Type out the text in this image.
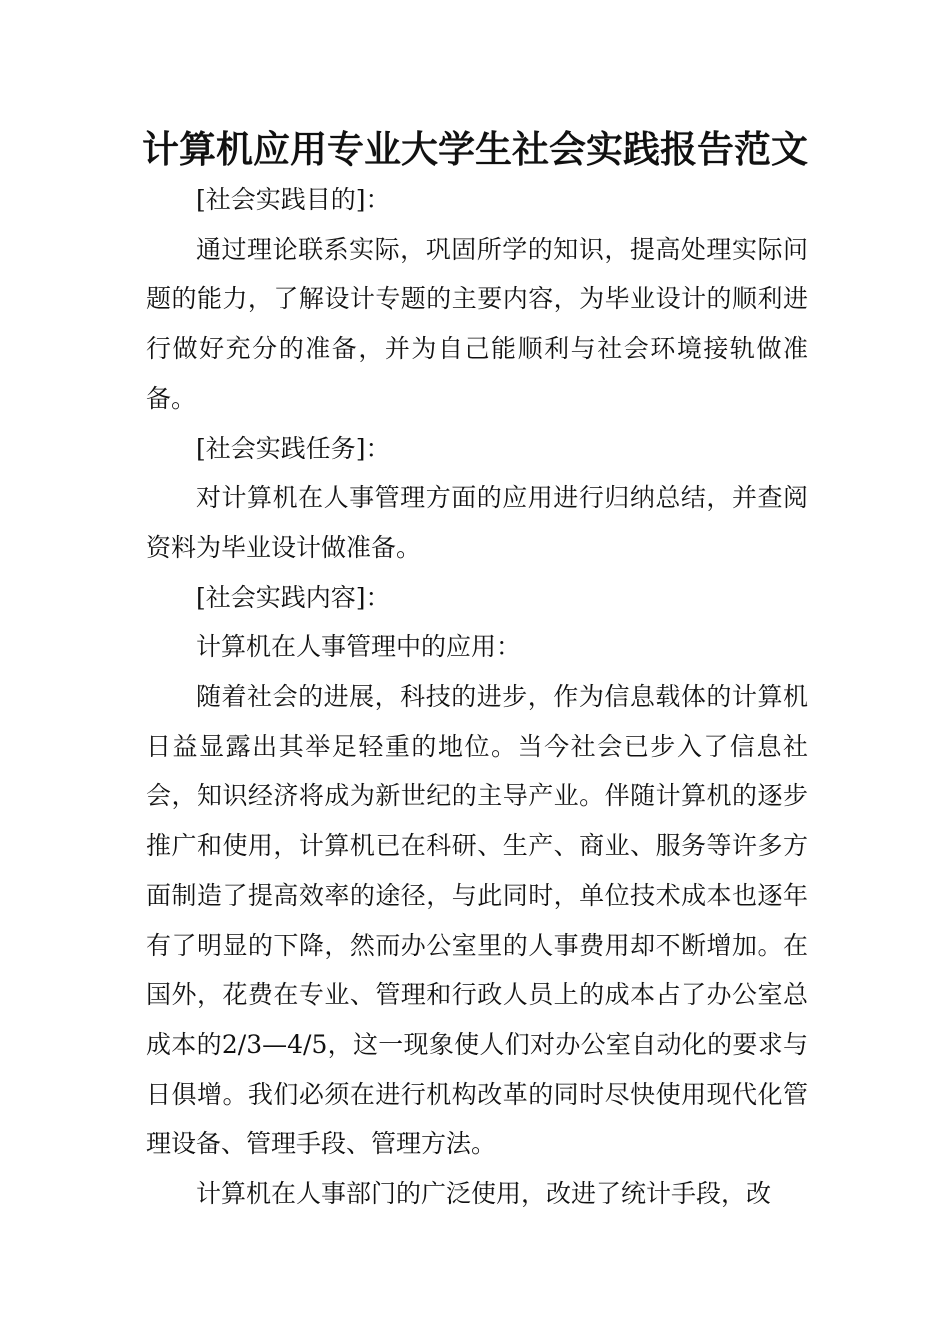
计算机应用专业大学生社会实践报告范文

[社会实践目的]：

通过理论联系实际，巩固所学的知识，提高处理实际问题的能力，了解设计专题的主要内容，为毕业设计的顺利进行做好充分的准备，并为自己能顺利与社会环境接轨做准备。

[社会实践任务]：

对计算机在人事管理方面的应用进行归纳总结，并查阅资料为毕业设计做准备。

[社会实践内容]：

计算机在人事管理中的应用：

随着社会的进展，科技的进步，作为信息载体的计算机日益显露出其举足轻重的地位。当今社会已步入了信息社会，知识经济将成为新世纪的主导产业。伴随计算机的逐步推广和使用，计算机已在科研、生产、商业、服务等许多方面制造了提高效率的途径，与此同时，单位技术成本也逐年有了明显的下降，然而办公室里的人事费用却不断增加。在国外，花费在专业、管理和行政人员上的成本占了办公室总成本的2/3—4/5，这一现象使人们对办公室自动化的要求与日俱增。我们必须在进行机构改革的同时尽快使用现代化管理设备、管理手段、管理方法。

计算机在人事部门的广泛使用，改进了统计手段，改
